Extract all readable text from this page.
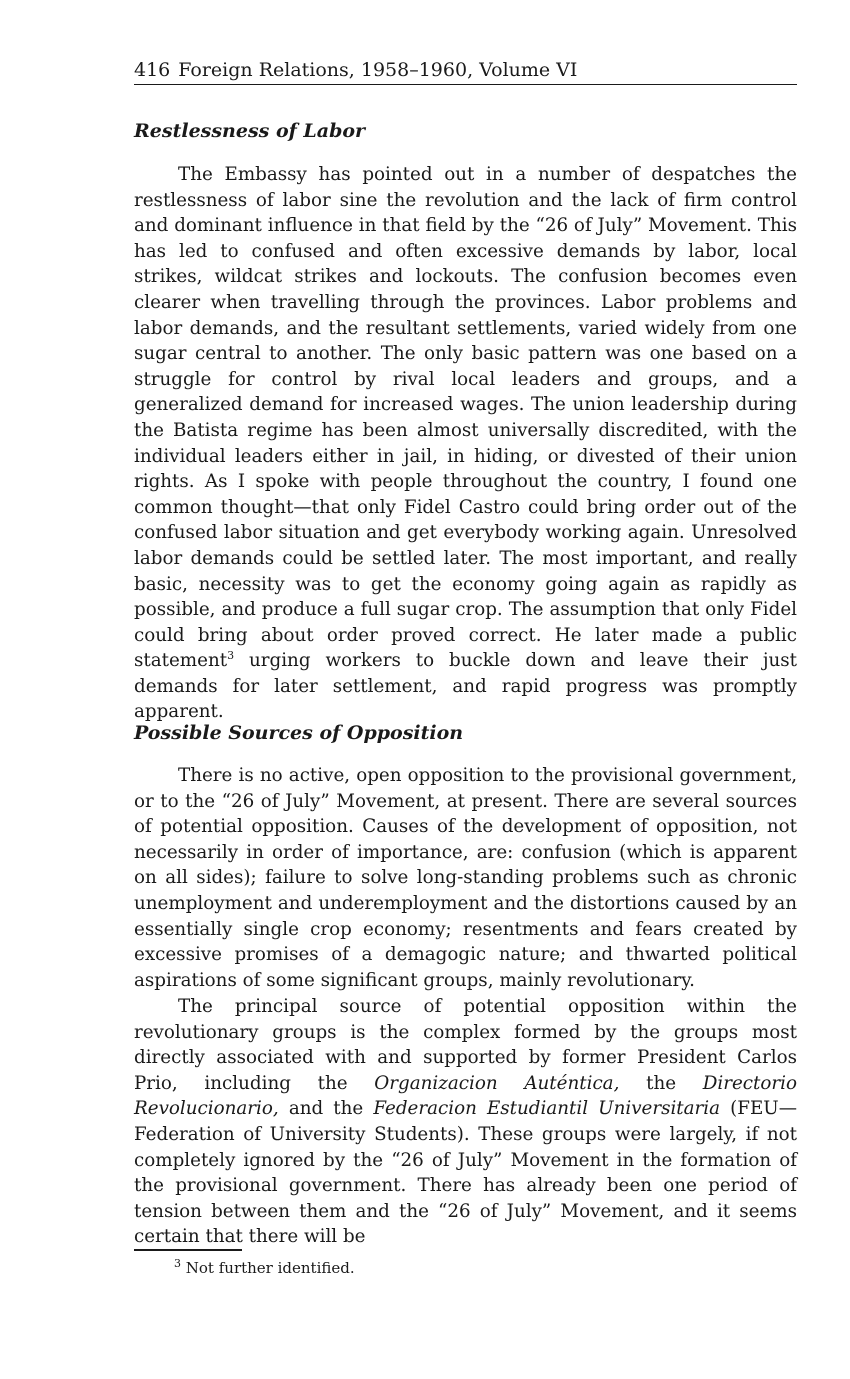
416 Foreign Relations, 1958–1960, Volume VI
Restlessness of Labor

The Embassy has pointed out in a number of despatches the restlessness of labor sine the revolution and the lack of firm control and dominant influence in that field by the “26 of July” Movement. This has led to confused and often excessive demands by labor, local strikes, wildcat strikes and lockouts. The confusion becomes even clearer when travelling through the provinces. Labor problems and labor demands, and the resultant settlements, varied widely from one sugar central to another. The only basic pattern was one based on a struggle for control by rival local leaders and groups, and a generalized demand for increased wages. The union leadership during the Batista regime has been almost universally discredited, with the individual leaders either in jail, in hiding, or divested of their union rights. As I spoke with people throughout the country, I found one common thought—that only Fidel Castro could bring order out of the confused labor situation and get everybody working again. Unresolved labor demands could be settled later. The most important, and really basic, necessity was to get the economy going again as rapidly as possible, and produce a full sugar crop. The assumption that only Fidel could bring about order proved correct. He later made a public statement$^3$ urging workers to buckle down and leave their just demands for later settlement, and rapid progress was promptly apparent.

Possible Sources of Opposition

There is no active, open opposition to the provisional government, or to the “26 of July” Movement, at present. There are several sources of potential opposition. Causes of the development of opposition, not necessarily in order of importance, are: confusion (which is apparent on all sides); failure to solve long-standing problems such as chronic unemployment and underemployment and the distortions caused by an essentially single crop economy; resentments and fears created by excessive promises of a demagogic nature; and thwarted political aspirations of some significant groups, mainly revolutionary.

The principal source of potential opposition within the revolutionary groups is the complex formed by the groups most directly associated with and supported by former President Carlos Prio, including the Organizacion Auténtica, the Directorio Revolucionario, and the Federacion Estudiantil Universitaria (FEU—Federation of University Students). These groups were largely, if not completely ignored by the “26 of July” Movement in the formation of the provisional government. There has already been one period of tension between them and the “26 of July” Movement, and it seems certain that there will be

$^3$ Not further identified.
